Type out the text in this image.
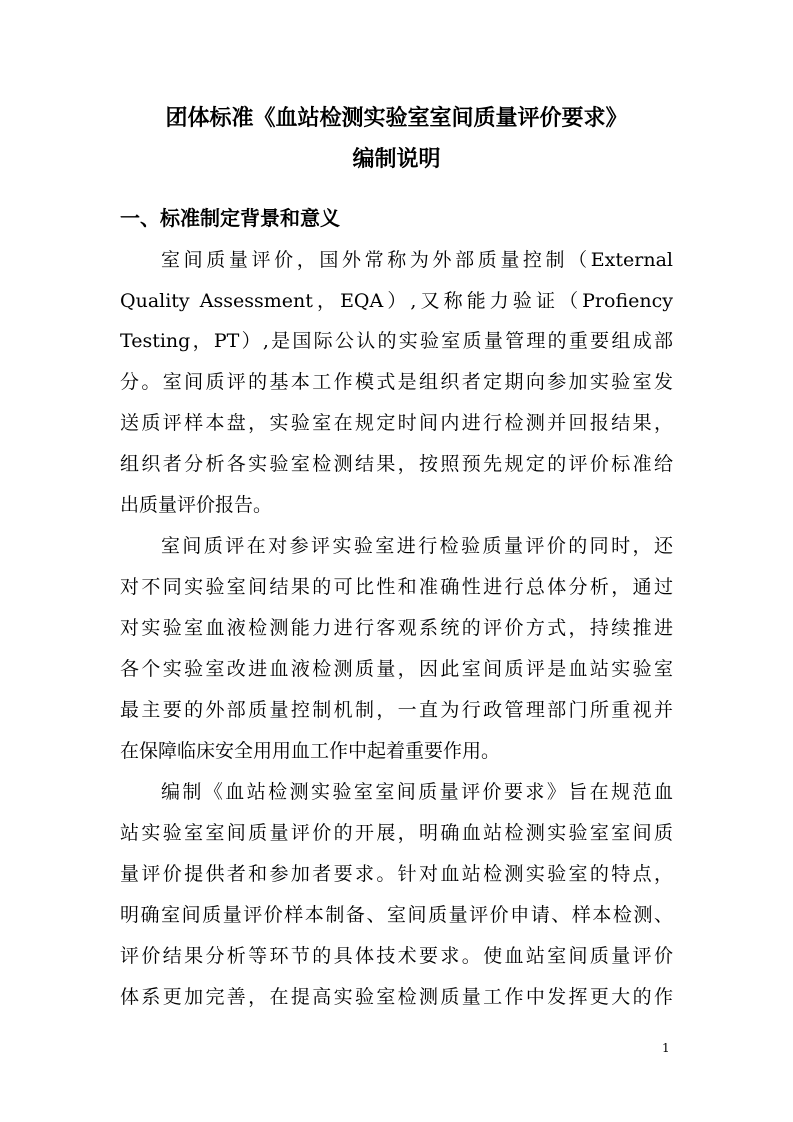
团体标准《血站检测实验室室间质量评价要求》
编制说明
一、标准制定背景和意义
室间质量评价，国外常称为外部质量控制（External
Quality Assessment，EQA）,又称能力验证（Profiency
Testing，PT）,是国际公认的实验室质量管理的重要组成部
分。室间质评的基本工作模式是组织者定期向参加实验室发
送质评样本盘，实验室在规定时间内进行检测并回报结果，
组织者分析各实验室检测结果，按照预先规定的评价标准给
出质量评价报告。
室间质评在对参评实验室进行检验质量评价的同时，还
对不同实验室间结果的可比性和准确性进行总体分析，通过
对实验室血液检测能力进行客观系统的评价方式，持续推进
各个实验室改进血液检测质量，因此室间质评是血站实验室
最主要的外部质量控制机制，一直为行政管理部门所重视并
在保障临床安全用用血工作中起着重要作用。
编制《血站检测实验室室间质量评价要求》旨在规范血
站实验室室间质量评价的开展，明确血站检测实验室室间质
量评价提供者和参加者要求。针对血站检测实验室的特点，
明确室间质量评价样本制备、室间质量评价申请、样本检测、
评价结果分析等环节的具体技术要求。使血站室间质量评价
体系更加完善，在提高实验室检测质量工作中发挥更大的作
1
